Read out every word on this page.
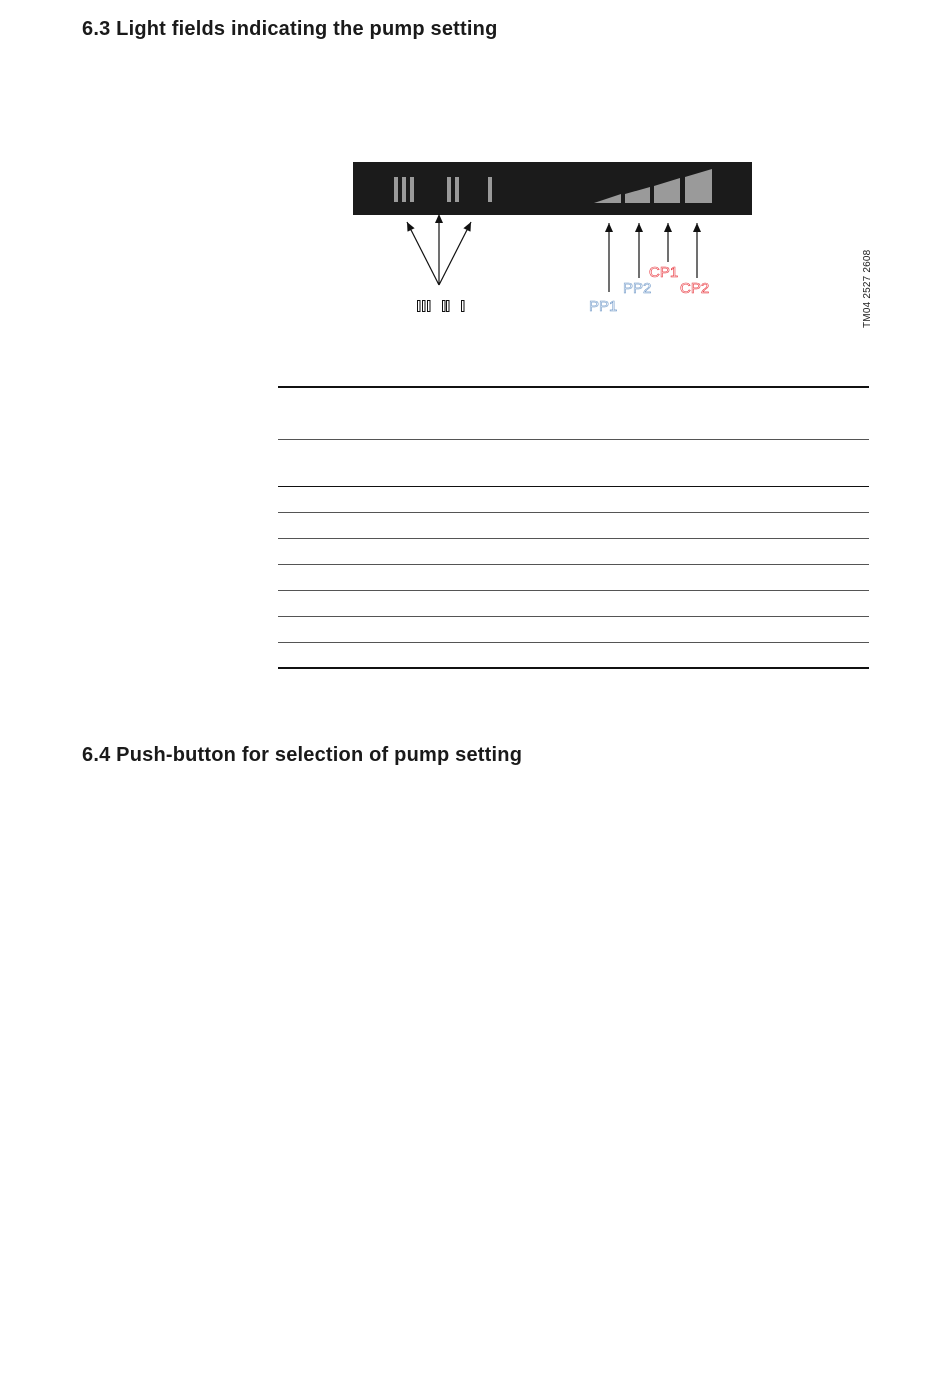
6.3 Light fields indicating the pump setting
PP1
PP2
CP1
CP2	TM04 2527 2608
6.4 Push-button for selection of pump setting
